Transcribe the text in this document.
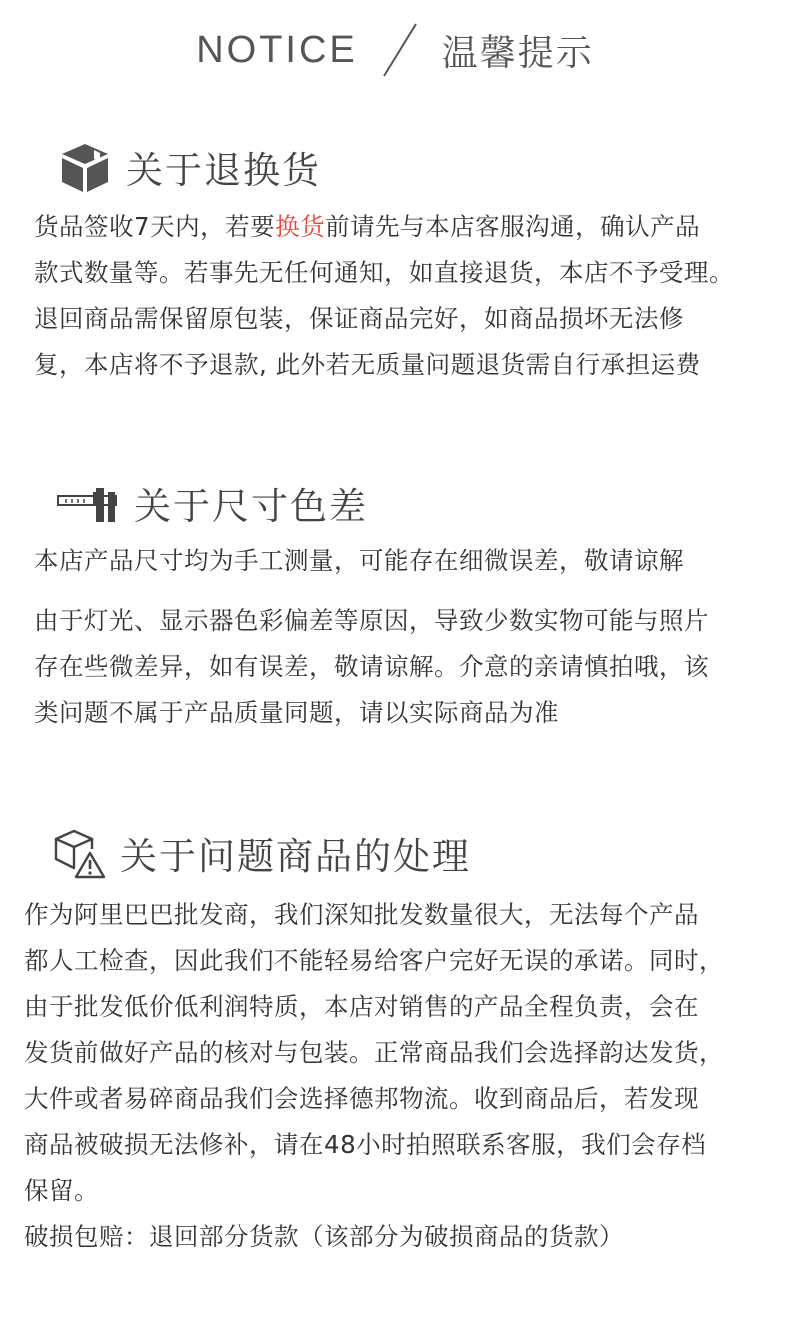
NOTICE 温馨提示
关于退换货

货品签收7天内，若要换货前请先与本店客服沟通，确认产品

款式数量等。若事先无任何通知，如直接退货，本店不予受理。

退回商品需保留原包装，保证商品完好，如商品损坏无法修

复，本店将不予退款, 此外若无质量问题退货需自行承担运费

关于尺寸色差

本店产品尺寸均为手工测量，可能存在细微误差，敬请谅解

由于灯光、显示器色彩偏差等原因，导致少数实物可能与照片

存在些微差异，如有误差，敬请谅解。介意的亲请慎拍哦，该

类问题不属于产品质量同题，请以实际商品为准

关于问题商品的处理

作为阿里巴巴批发商，我们深知批发数量很大，无法每个产品

都人工检查，因此我们不能轻易给客户完好无误的承诺。同时，

由于批发低价低利润特质，本店对销售的产品全程负责，会在

发货前做好产品的核对与包装。正常商品我们会选择韵达发货，

大件或者易碎商品我们会选择德邦物流。收到商品后，若发现

商品被破损无法修补，请在48小时拍照联系客服，我们会存档

保留。

破损包赔：退回部分货款（该部分为破损商品的货款）
